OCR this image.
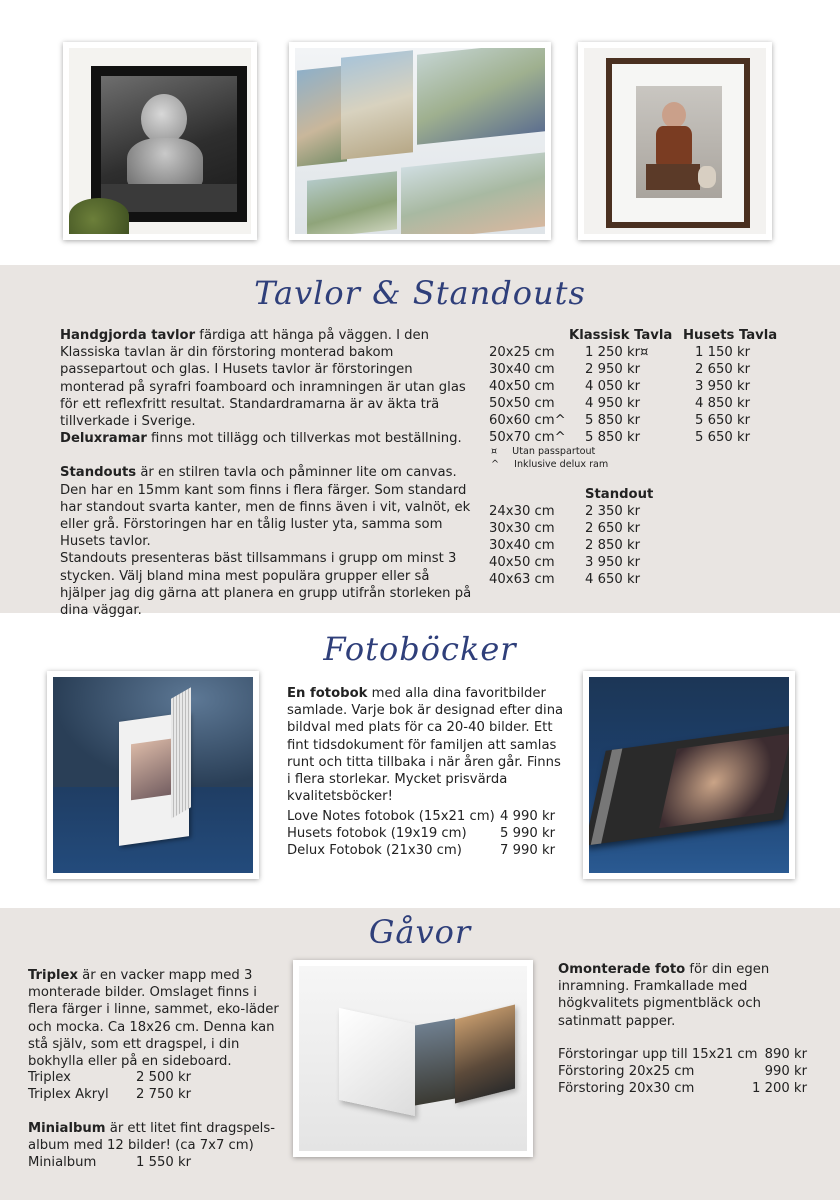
Tavlor & Standouts

Handgjorda tavlor färdiga att hänga på väggen. I den Klassiska tavlan är din förstoring monterad bakom passepartout och glas. I Husets tavlor är förstoringen monterad på syrafri foamboard och inramningen är utan glas för ett reflexfritt resultat. Standardramarna är av äkta trä tillverkade i Sverige.

Deluxramar finns mot tillägg och tillverkas mot beställning.

Standouts är en stilren tavla och påminner lite om canvas. Den har en 15mm kant som finns i flera färger. Som standard har standout svarta kanter, men de finns även i vit, valnöt, ek eller grå. Förstoringen har en tålig luster yta, samma som Husets tavlor.

Standouts presenteras bäst tillsammans i grupp om minst 3 stycken. Välj bland mina mest populära grupper eller så hjälper jag dig gärna att planera en grupp utifrån storleken på dina väggar.

	Klassisk Tavla	Husets Tavla
20x25 cm	1 250 kr¤	1 150 kr
30x40 cm	2 950 kr	2 650 kr
40x50 cm	4 050 kr	3 950 kr
50x50 cm	4 950 kr	4 850 kr
60x60 cm^	5 850 kr	5 650 kr
50x70 cm^	5 850 kr	5 650 kr
¤ Utan passpartout
^ Inklusive delux ram
	Standout
24x30 cm	2 350 kr
30x30 cm	2 650 kr
30x40 cm	2 850 kr
40x50 cm	3 950 kr
40x63 cm	4 650 kr
Fotoböcker

En fotobok med alla dina favoritbilder samlade. Varje bok är designad efter dina bildval med plats för ca 20-40 bilder. Ett fint tidsdokument för familjen att samlas runt och titta tillbaka i när åren går. Finns i flera storlekar. Mycket prisvärda kvalitetsböcker!

Love Notes fotobok (15x21 cm) 4 990 kr
Husets fotobok (19x19 cm)	5 990 kr
Delux Fotobok (21x30 cm)	7 990 kr
Gåvor

Triplex är en vacker mapp med 3 monterade bilder. Omslaget finns i flera färger i linne, sammet, eko-läder och mocka. Ca 18x26 cm. Denna kan stå själv, som ett dragspel, i din bokhylla eller på en sideboard.

Triplex	2 500 kr
Triplex Akryl 2 750 kr

Minialbum är ett litet fint dragspels-album med 12 bilder! (ca 7x7 cm)

Minialbum	1 550 kr

Omonterade foto för din egen inramning. Framkallade med högkvalitets pigmentbläck och satinmatt papper.

Förstoringar upp till 15x21 cm 890 kr
Förstoring 20x25 cm	990 kr
Förstoring 20x30 cm	1 200 kr
